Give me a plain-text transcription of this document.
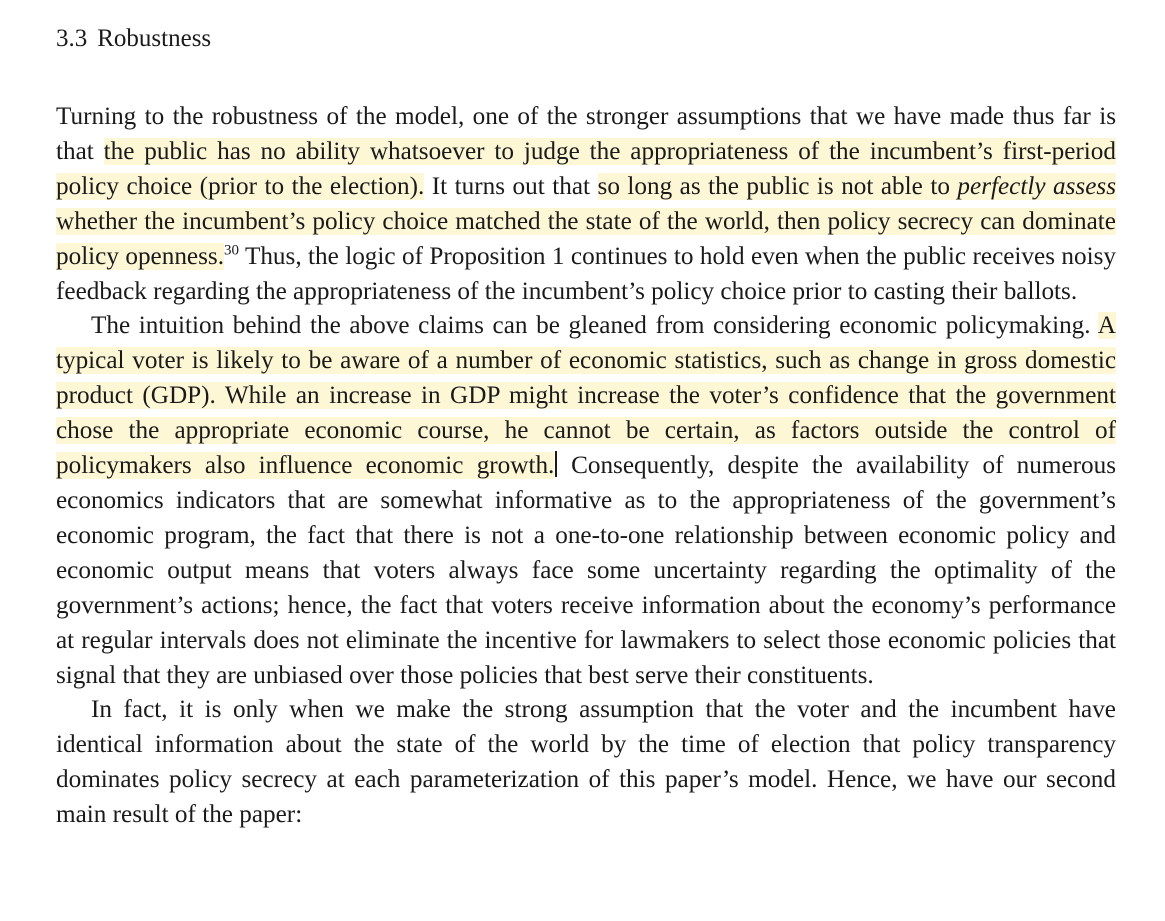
3.3 Robustness

Turning to the robustness of the model, one of the stronger assumptions that we have made thus far is that the public has no ability whatsoever to judge the appropriateness of the incumbent’s first-period policy choice (prior to the election). It turns out that so long as the public is not able to perfectly assess whether the incumbent’s policy choice matched the state of the world, then policy secrecy can dominate policy openness.$^{30}$ Thus, the logic of Proposition 1 continues to hold even when the public receives noisy feedback regarding the appropriateness of the incumbent’s policy choice prior to casting their ballots.

The intuition behind the above claims can be gleaned from considering economic policymaking. A typical voter is likely to be aware of a number of economic statistics, such as change in gross domestic product (GDP). While an increase in GDP might increase the voter’s confidence that the government chose the appropriate economic course, he cannot be certain, as factors outside the control of policymakers also influence economic growth. Consequently, despite the availability of numerous economics indicators that are somewhat informative as to the appropriateness of the government’s economic program, the fact that there is not a one-to-one relationship between economic policy and economic output means that voters always face some uncertainty regarding the optimality of the government’s actions; hence, the fact that voters receive information about the economy’s performance at regular intervals does not eliminate the incentive for lawmakers to select those economic policies that signal that they are unbiased over those policies that best serve their constituents.

In fact, it is only when we make the strong assumption that the voter and the incumbent have identical information about the state of the world by the time of election that policy transparency dominates policy secrecy at each parameterization of this paper’s model. Hence, we have our second main result of the paper:
